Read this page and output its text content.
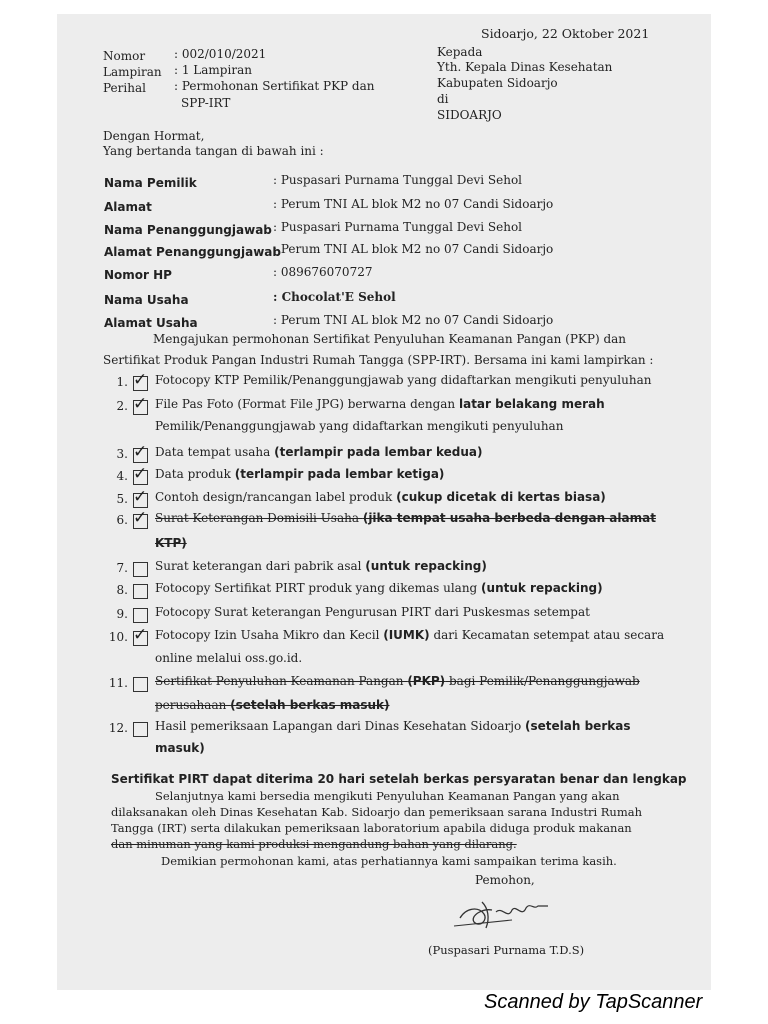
Sidoarjo, 22 Oktober 2021
Nomor : 002/010/2021
Lampiran : 1 Lampiran
Perihal : Permohonan Sertifikat PKP dan
SPP-IRT
Kepada
Yth. Kepala Dinas Kesehatan
Kabupaten Sidoarjo
di
SIDOARJO
Dengan Hormat,
Yang bertanda tangan di bawah ini :
Nama Pemilik	: Puspasari Purnama Tunggal Devi Sehol
Alamat	: Perum TNI AL blok M2 no 07 Candi Sidoarjo
Nama Penanggungjawab : Puspasari Purnama Tunggal Devi Sehol
Alamat Penanggungjawab
: Perum TNI AL blok M2 no 07 Candi Sidoarjo
Nomor HP	: 089676070727
Nama Usaha	: Chocolat'E Sehol
Alamat Usaha	: Perum TNI AL blok M2 no 07 Candi Sidoarjo
Mengajukan permohonan Sertifikat Penyuluhan Keamanan Pangan (PKP) dan
Sertifikat Produk Pangan Industri Rumah Tangga (SPP-IRT). Bersama ini kami lampirkan :
1. ✓ Fotocopy KTP Pemilik/Penanggungjawab yang didaftarkan mengikuti penyuluhan
2. ✓ File Pas Foto (Format File JPG) berwarna dengan latar belakang merah
Pemilik/Penanggungjawab yang didaftarkan mengikuti penyuluhan
3. ✓ Data tempat usaha (terlampir pada lembar kedua)
4. ✓ Data produk (terlampir pada lembar ketiga)
5. ✓ Contoh design/rancangan label produk (cukup dicetak di kertas biasa)
6. ✓ Surat Keterangan Domisili Usaha (jika tempat usaha berbeda dengan alamat
KTP)
7. Surat keterangan dari pabrik asal (untuk repacking)
8. Fotocopy Sertifikat PIRT produk yang dikemas ulang (untuk repacking)
9. Fotocopy Surat keterangan Pengurusan PIRT dari Puskesmas setempat
10. ✓ Fotocopy Izin Usaha Mikro dan Kecil (IUMK) dari Kecamatan setempat atau secara
online melalui oss.go.id.
11. Sertifikat Penyuluhan Keamanan Pangan (PKP) bagi Pemilik/Penanggungjawab
perusahaan (setelah berkas masuk)
12. Hasil pemeriksaan Lapangan dari Dinas Kesehatan Sidoarjo (setelah berkas
masuk)
Sertifikat PIRT dapat diterima 20 hari setelah berkas persyaratan benar dan lengkap
Selanjutnya kami bersedia mengikuti Penyuluhan Keamanan Pangan yang akan
dilaksanakan oleh Dinas Kesehatan Kab. Sidoarjo dan pemeriksaan sarana Industri Rumah
Tangga (IRT) serta dilakukan pemeriksaan laboratorium apabila diduga produk makanan
dan minuman yang kami produksi mengandung bahan yang dilarang.
Demikian permohonan kami, atas perhatiannya kami sampaikan terima kasih.
Pemohon,
(Puspasari Purnama T.D.S)
Scanned by TapScanner
